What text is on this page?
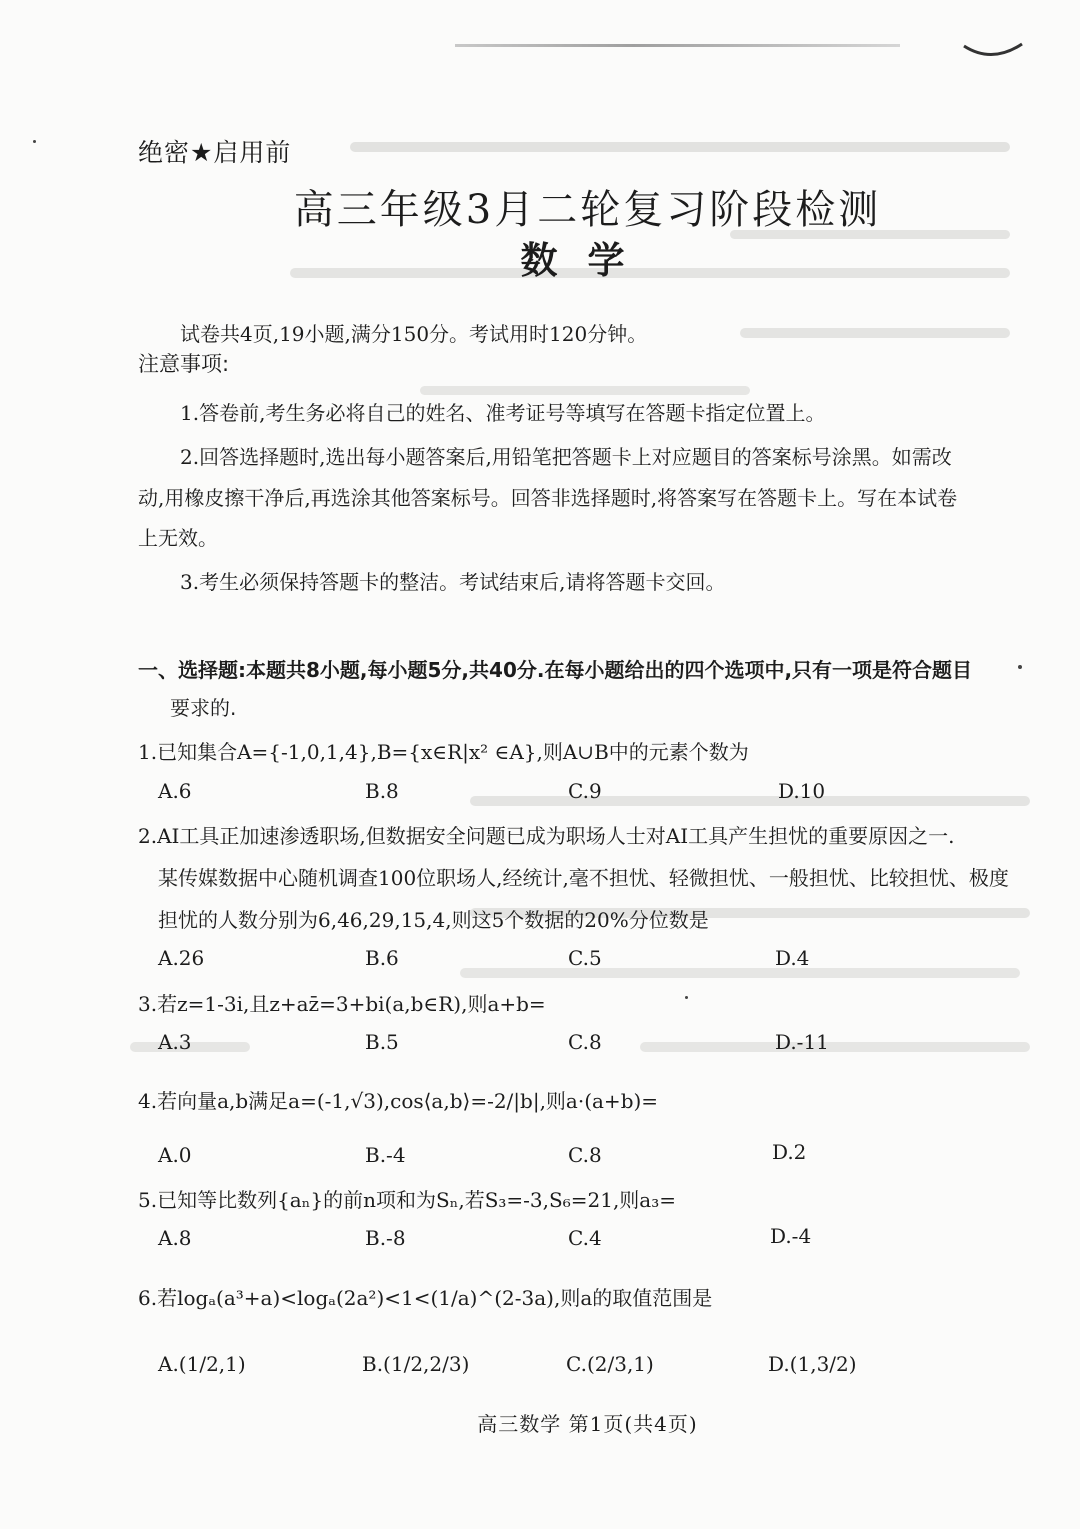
绝密★启用前
高三年级3月二轮复习阶段检测
数学
试卷共4页,19小题,满分150分。考试用时120分钟。
注意事项:
1.答卷前,考生务必将自己的姓名、准考证号等填写在答题卡指定位置上。
2.回答选择题时,选出每小题答案后,用铅笔把答题卡上对应题目的答案标号涂黑。如需改
动,用橡皮擦干净后,再选涂其他答案标号。回答非选择题时,将答案写在答题卡上。写在本试卷
上无效。
3.考生必须保持答题卡的整洁。考试结束后,请将答题卡交回。
一、选择题:本题共8小题,每小题5分,共40分.在每小题给出的四个选项中,只有一项是符合题目
要求的.
1.已知集合A={-1,0,1,4},B={x∈R|x² ∈A},则A∪B中的元素个数为
A.6	B.8	C.9	D.10
2.AI工具正加速渗透职场,但数据安全问题已成为职场人士对AI工具产生担忧的重要原因之一.
某传媒数据中心随机调查100位职场人,经统计,毫不担忧、轻微担忧、一般担忧、比较担忧、极度
担忧的人数分别为6,46,29,15,4,则这5个数据的20%分位数是
A.26	B.6	C.5	D.4
3.若z=1-3i,且z+az̄=3+bi(a,b∈R),则a+b=
A.3	B.5	C.8	D.-11
4.若向量a,b满足a=(-1,√3),cos⟨a,b⟩=-2/|b|,则a·(a+b)=
A.0	B.-4	C.8	D.2
5.已知等比数列{aₙ}的前n项和为Sₙ,若S₃=-3,S₆=21,则a₃=
A.8	B.-8	C.4	D.-4
6.若logₐ(a³+a)<logₐ(2a²)<1<(1/a)^(2-3a),则a的取值范围是
A.(1/2,1)	B.(1/2,2/3)	C.(2/3,1)	D.(1,3/2)
高三数学 第1页(共4页)
